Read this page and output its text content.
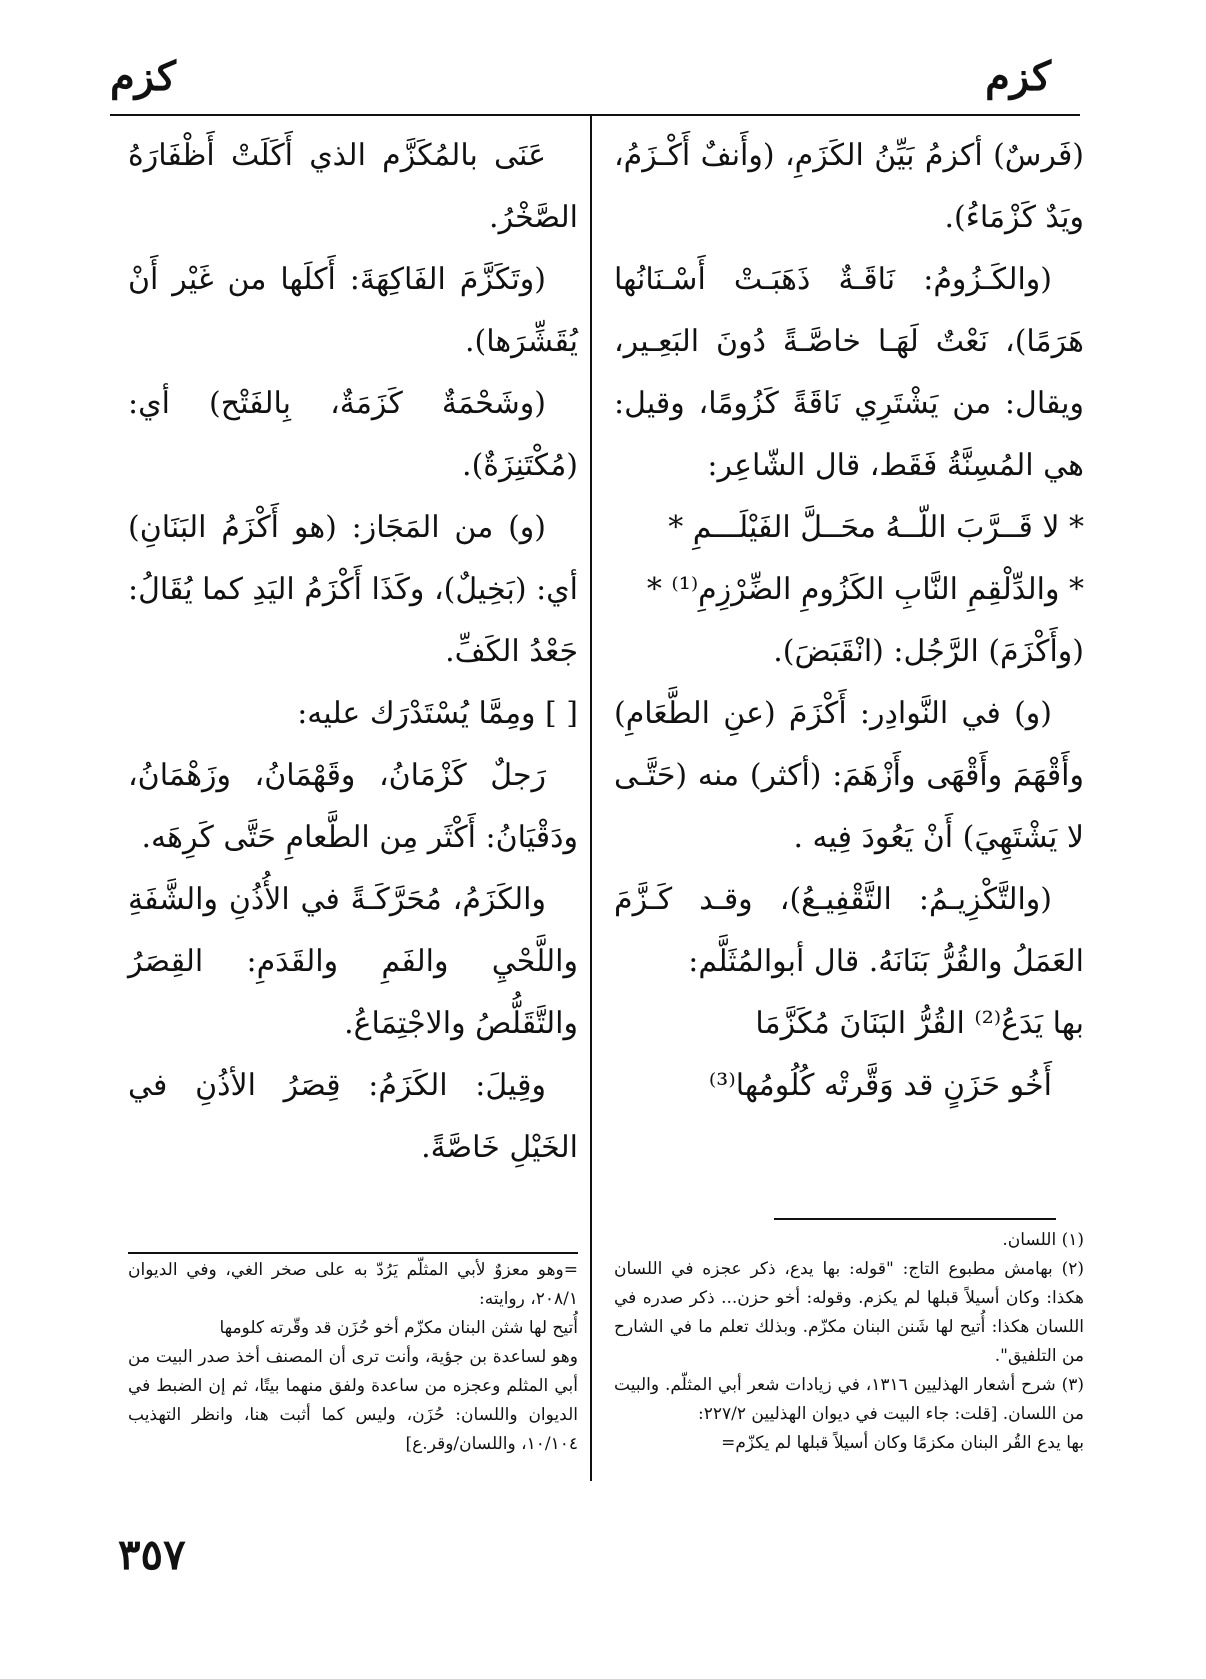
كزم
كزم

(فَرسٌ) أكزمُ بَيِّنُ الكَزَمِ، (وأَنفٌ أَكْـزَمُ، ويَدٌ كَزْمَاءُ).

(والكَـزُومُ: نَاقَـةٌ ذَهَبَـتْ أَسْـنَانُها هَرَمًا)، نَعْتٌ لَهَـا خاصَّـةً دُونَ البَعِـير، ويقال: من يَشْتَرِي نَاقَةً كَزُومًا، وقيل: هي المُسِنَّةُ فَقَط، قال الشّاعِر:

* لا قَــرَّبَ اللّــهُ محَــلَّ الفَيْلَـــمِ *

* والدِّلْقِمِ النَّابِ الكَزُومِ الضِّرْزِمِ⁽¹⁾ *

(وأَكْزَمَ) الرَّجُل: (انْقَبَضَ).

(و) في النَّوادِر: أَكْزَمَ (عنِ الطَّعَامِ) وأَقْهَمَ وأَقْهَى وأَزْهَمَ: (أكثر) منه (حَتَّـى لا يَشْتَهِيَ) أَنْ يَعُودَ فِيه .

(والتَّكْزِيـمُ: التَّقْفِيـعُ)، وقـد كَـزَّمَ العَمَلُ والقُرُّ بَنَانَهُ. قال أبوالمُثَلَّم:

بها يَدَعُ⁽²⁾ القُرُّ البَنَانَ مُكَزَّمَا

أَخُو حَزَنٍ قد وَقَّرتْه كُلُومُها⁽³⁾

عَنَى بالمُكَزَّم الذي أَكَلَتْ أَظْفَارَهُ الصَّخْرُ.

(وتَكَزَّمَ الفَاكِهَةَ: أَكلَها من غَيْر أَنْ يُقَشِّرَها).

(وشَحْمَةٌ كَزَمَةٌ، بِالفَتْح) أي: (مُكْتَنِزَةٌ).

(و) من المَجَاز: (هو أَكْزَمُ البَنَانِ) أي: (بَخِيلٌ)، وكَذَا أَكْزَمُ اليَدِ كما يُقَالُ: جَعْدُ الكَفِّ.

[ ] ومِمَّا يُسْتَدْرَك عليه:

رَجلٌ كَزْمَانُ، وقَهْمَانُ، وزَهْمَانُ، ودَقْيَانُ: أَكْثَر مِن الطَّعامِ حَتَّى كَرِهَه.

والكَزَمُ، مُحَرَّكَـةً في الأُذُنِ والشَّفَةِ واللَّحْيِ والفَمِ والقَدَمِ: القِصَرُ والتَّقَلُّصُ والاجْتِمَاعُ.

وقِيلَ: الكَزَمُ: قِصَرُ الأذُنِ في الخَيْلِ خَاصَّةً.

(١) اللسان.

(٢) بهامش مطبوع التاج: "قوله: بها يدع، ذكر عجزه في اللسان هكذا: وكان أسيلاً قبلها لم يكزم. وقوله: أخو حزن... ذكر صدره في اللسان هكذا: أُتيح لها شَنن البنان مكزّم. وبذلك تعلم ما في الشارح من التلفيق".

(٣) شرح أشعار الهذليين ١٣١٦، في زيادات شعر أبي المثلّم. والبيت من اللسان. [قلت: جاء البيت في ديوان الهذليين ٢٢٧/٢:

بها يدع القُر البنان مكزمًا وكان أسيلاً قبلها لم يكزّم=

=وهو معزوٌ لأبي المثلّم يَرُدّ به على صخر الغي، وفي الديوان ٢٠٨/١، روايته:

أُتيح لها شثن البنان مكزّم أخو حُزَن قد وقّرته كلومها

وهو لساعدة بن جؤية، وأنت ترى أن المصنف أخذ صدر البيت من أبي المثلم وعجزه من ساعدة ولفق منهما بيتًا، ثم إن الضبط في الديوان واللسان: حُزَن، وليس كما أثبت هنا، وانظر التهذيب ١٠/١٠٤، واللسان/وقر.ع]

٣٥٧
